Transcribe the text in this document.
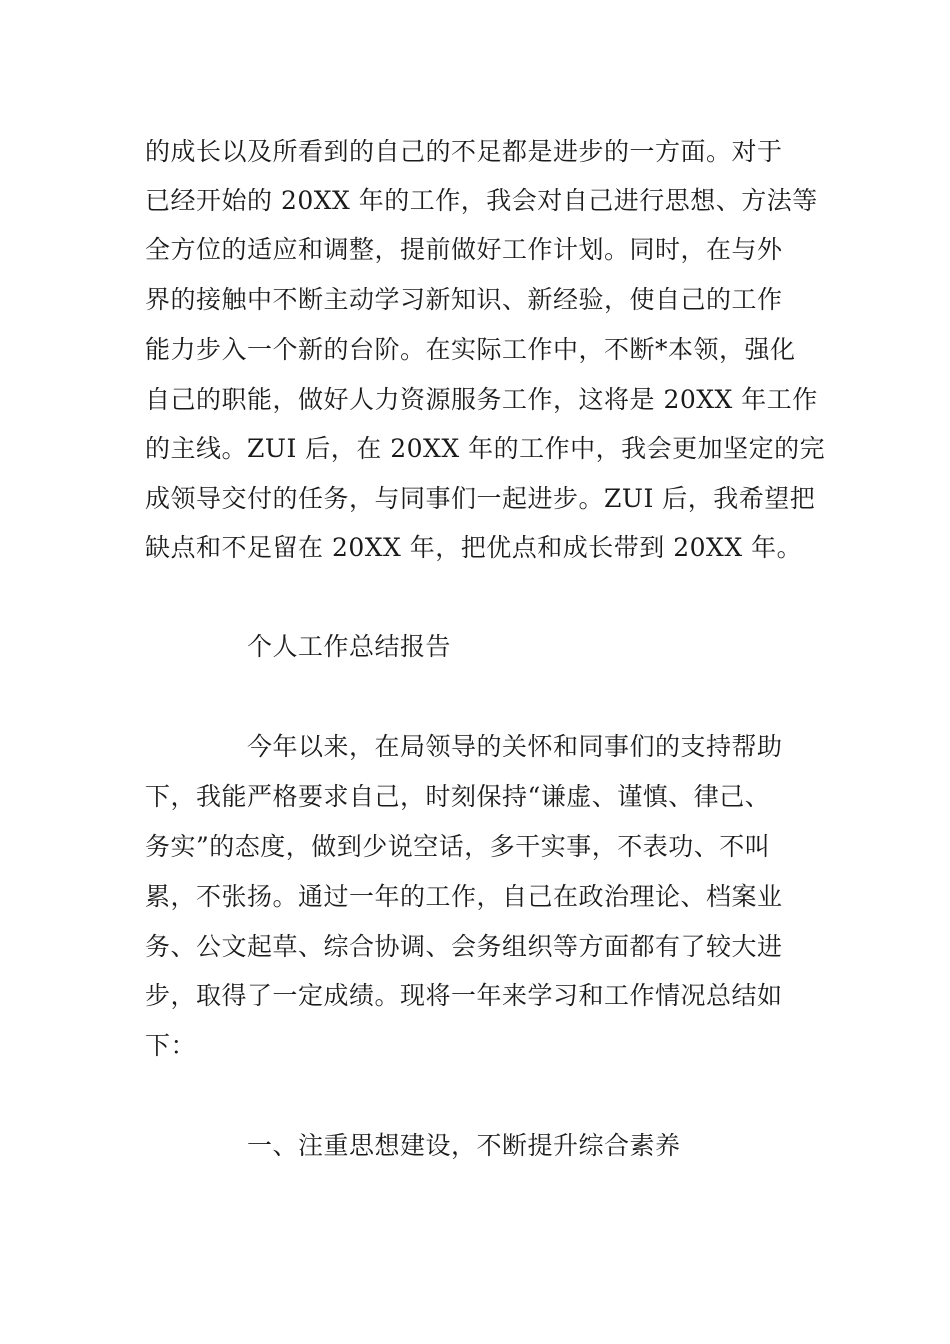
的成长以及所看到的自己的不足都是进步的一方面。对于
已经开始的 20XX 年的工作，我会对自己进行思想、方法等
全方位的适应和调整，提前做好工作计划。同时，在与外
界的接触中不断主动学习新知识、新经验，使自己的工作
能力步入一个新的台阶。在实际工作中，不断*本领，强化
自己的职能，做好人力资源服务工作，这将是 20XX 年工作
的主线。ZUI 后，在 20XX 年的工作中，我会更加坚定的完
成领导交付的任务，与同事们一起进步。ZUI 后，我希望把
缺点和不足留在 20XX 年，把优点和成长带到 20XX 年。
个人工作总结报告
今年以来，在局领导的关怀和同事们的支持帮助
下，我能严格要求自己，时刻保持“谦虚、谨慎、律己、
务实”的态度，做到少说空话，多干实事，不表功、不叫
累，不张扬。通过一年的工作，自己在政治理论、档案业
务、公文起草、综合协调、会务组织等方面都有了较大进
步，取得了一定成绩。现将一年来学习和工作情况总结如
下：
一、注重思想建设，不断提升综合素养
